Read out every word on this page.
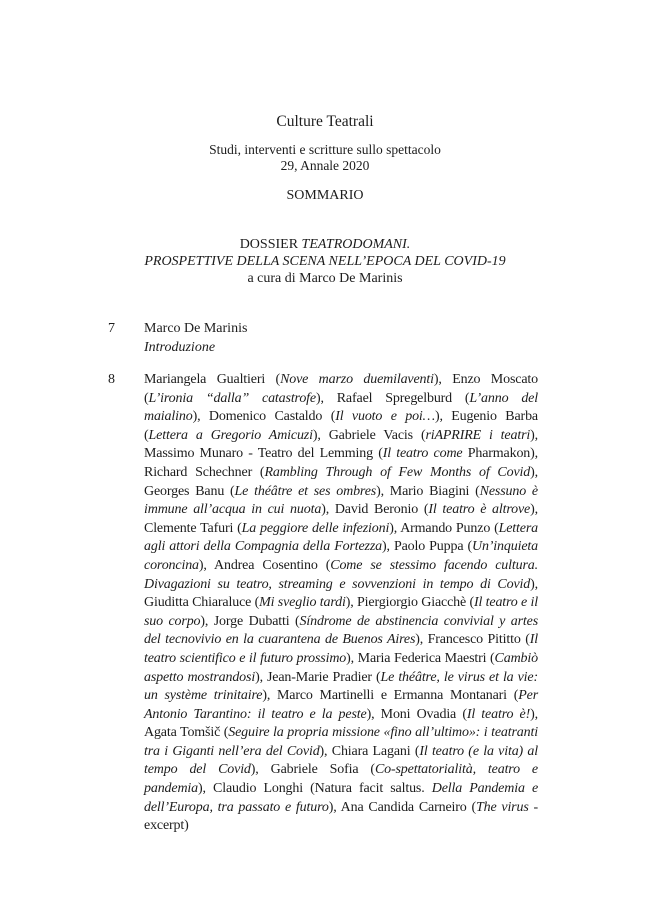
Culture Teatrali

Studi, interventi e scritture sullo spettacolo

29, Annale 2020

SOMMARIO

DOSSIER TEATRODOMANI.

PROSPETTIVE DELLA SCENA NELL’EPOCA DEL COVID-19

a cura di Marco De Marinis

7	Marco De Marinis

Introduzione

8	Mariangela Gualtieri (Nove marzo duemilaventi), Enzo Moscato (L’ironia “dalla” catastrofe), Rafael Spregelburd (L’anno del maialino), Domenico Castaldo (Il vuoto e poi…), Eugenio Barba (Lettera a Gregorio Amicuzi), Gabriele Vacis (riAPRIRE i teatri), Massimo Munaro - Teatro del Lemming (Il teatro come Pharmakon), Richard Schechner (Rambling Through of Few Months of Covid), Georges Banu (Le théâtre et ses ombres), Mario Biagini (Nessuno è immune all’acqua in cui nuota), David Beronio (Il teatro è altrove), Clemente Tafuri (La peggiore delle infezioni), Armando Punzo (Lettera agli attori della Compagnia della Fortezza), Paolo Puppa (Un’inquieta coroncina), Andrea Cosentino (Come se stessimo facendo cultura. Divagazioni su teatro, streaming e sovvenzioni in tempo di Covid), Giuditta Chiaraluce (Mi sveglio tardi), Piergiorgio Giacchè (Il teatro e il suo corpo), Jorge Dubatti (Síndrome de abstinencia convivial y artes del tecnovivio en la cuarantena de Buenos Aires), Francesco Pititto (Il teatro scientifico e il futuro prossimo), Maria Federica Maestri (Cambiò aspetto mostrandosi), Jean-Marie Pradier (Le théâtre, le virus et la vie: un système trinitaire), Marco Martinelli e Ermanna Montanari (Per Antonio Tarantino: il teatro e la peste), Moni Ovadia (Il teatro è!), Agata Tomšič (Seguire la propria missione «fino all’ultimo»: i teatranti tra i Giganti nell’era del Covid), Chiara Lagani (Il teatro (e la vita) al tempo del Covid), Gabriele Sofia (Co-spettatorialità, teatro e pandemia), Claudio Longhi (Natura facit saltus. Della Pandemia e dell’Europa, tra passato e futuro), Ana Candida Carneiro (The virus - excerpt)
